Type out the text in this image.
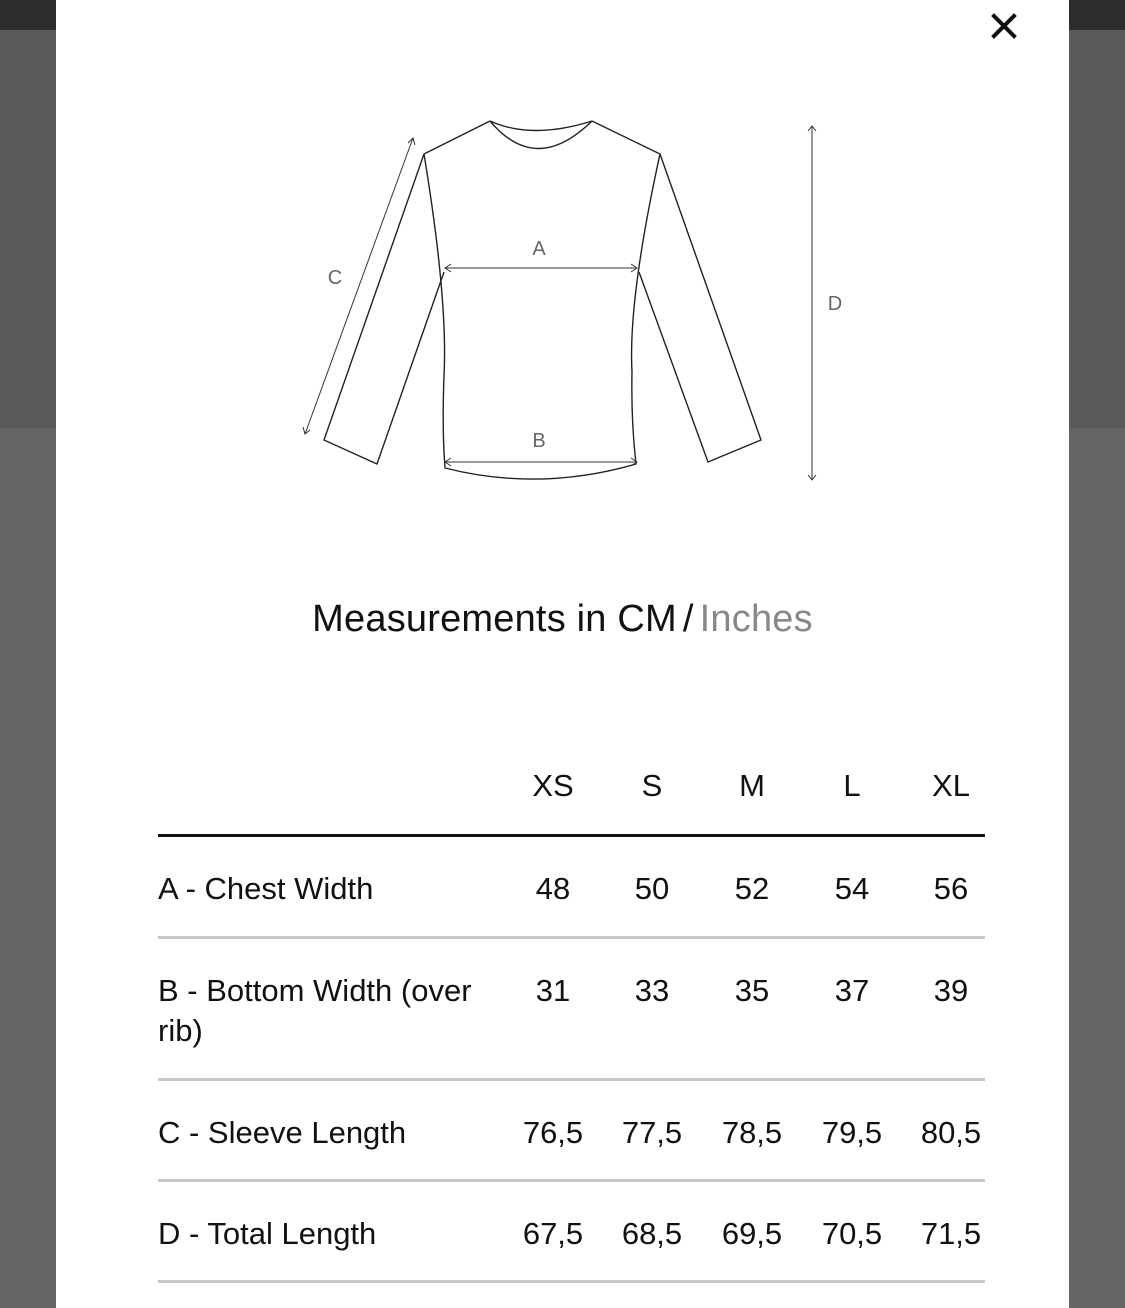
A
B
C
D
Measurements in CM / Inches
XS	S	M	L	XL
A - Chest Width	48	50	52	54	56
B - Bottom Width (over rib)
31	33	35	37	39
C - Sleeve Length	76,5	77,5	78,5	79,5	80,5
D - Total Length	67,5	68,5	69,5	70,5	71,5
